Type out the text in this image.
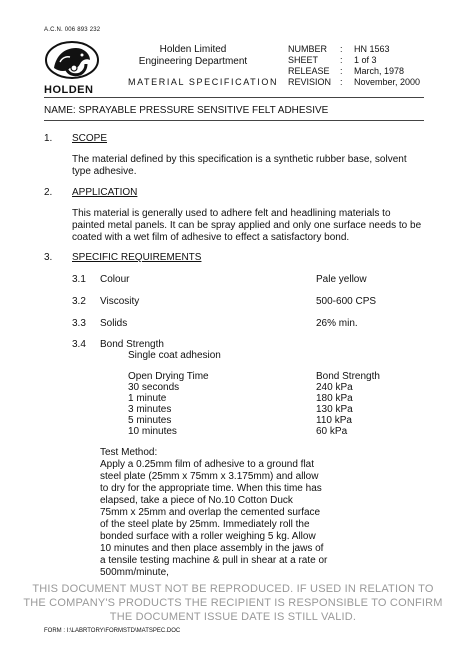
A.C.N. 006 893 232
HOLDEN
Holden Limited
Engineering Department
MATERIAL SPECIFICATION
NUMBER	:	HN 1563
SHEET	:	1 of 3
RELEASE	:	March, 1978
REVISION :	November, 2000
NAME: SPRAYABLE PRESSURE SENSITIVE FELT ADHESIVE
1. SCOPE
The material defined by this specification is a synthetic rubber base, solvent type adhesive.
2. APPLICATION
This material is generally used to adhere felt and headlining materials to painted metal panels. It can be spray applied and only one surface needs to be coated with a wet film of adhesive to effect a satisfactory bond.
3. SPECIFIC REQUIREMENTS
3.1 Colour	Pale yellow
3.2 Viscosity	500-600 CPS
3.3 Solids	26% min.
3.4 Bond Strength
Single coat adhesion
Open Drying Time	Bond Strength
30 seconds	240 kPa
1 minute	180 kPa
3 minutes	130 kPa
5 minutes	110 kPa
10 minutes	60 kPa
Test Method:
Apply a 0.25mm film of adhesive to a ground flat
steel plate (25mm x 75mm x 3.175mm) and allow
to dry for the appropriate time. When this time has
elapsed, take a piece of No.10 Cotton Duck
75mm x 25mm and overlap the cemented surface
of the steel plate by 25mm. Immediately roll the
bonded surface with a roller weighing 5 kg. Allow
10 minutes and then place assembly in the jaws of
a tensile testing machine & pull in shear at a rate or
500mm/minute,
THIS DOCUMENT MUST NOT BE REPRODUCED. IF USED IN RELATION TO
THE COMPANY'S PRODUCTS THE RECIPIENT IS RESPONSIBLE TO CONFIRM
THE DOCUMENT ISSUE DATE IS STILL VALID.
FORM : I:\LABRTORY\FORMSTD\MATSPEC.DOC
